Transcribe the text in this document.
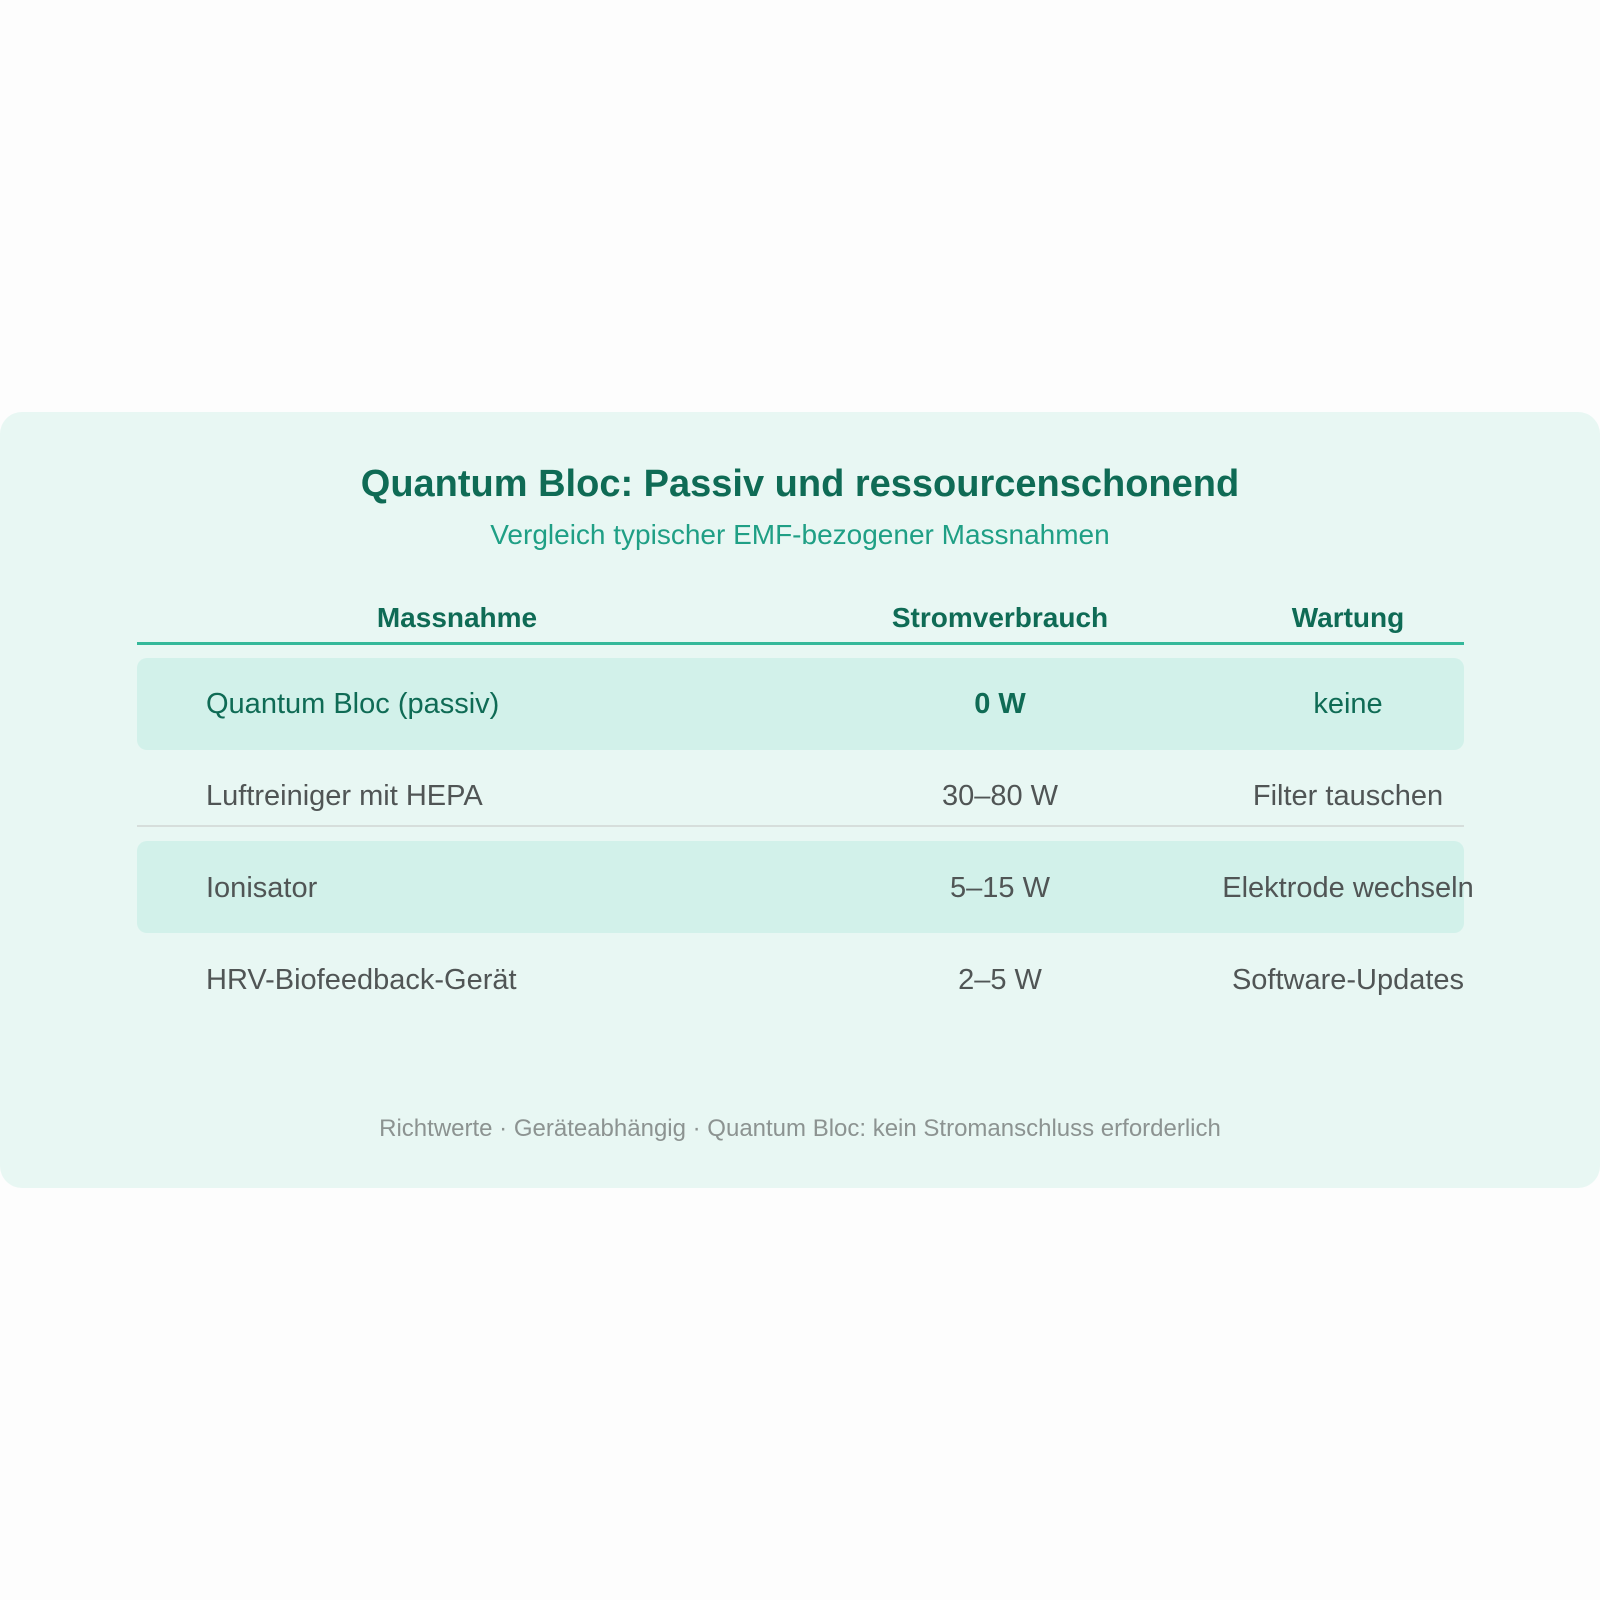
Quantum Bloc: Passiv und ressourcenschonend

Vergleich typischer EMF-bezogener Massnahmen

Massnahme	Stromverbrauch	Wartung
Quantum Bloc (passiv)	0 W	keine
Luftreiniger mit HEPA	30–80 W	Filter tauschen
Ionisator	5–15 W	Elektrode wechseln
HRV-Biofeedback-Gerät	2–5 W	Software-Updates
Richtwerte · Geräteabhängig · Quantum Bloc: kein Stromanschluss erforderlich
